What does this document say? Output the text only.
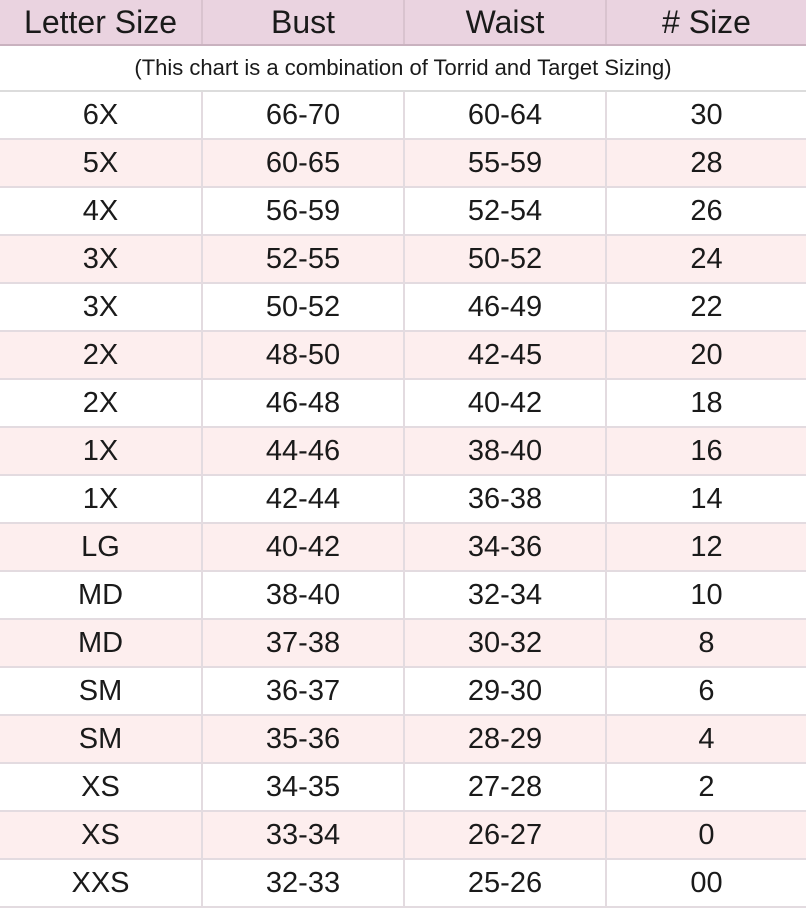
Letter Size	Bust	Waist	# Size
(This chart is a combination of Torrid and Target Sizing)			
6X	66-70	60-64	30
5X	60-65	55-59	28
4X	56-59	52-54	26
3X	52-55	50-52	24
3X	50-52	46-49	22
2X	48-50	42-45	20
2X	46-48	40-42	18
1X	44-46	38-40	16
1X	42-44	36-38	14
LG	40-42	34-36	12
MD	38-40	32-34	10
MD	37-38	30-32	8
SM	36-37	29-30	6
SM	35-36	28-29	4
XS	34-35	27-28	2
XS	33-34	26-27	0
XXS	32-33	25-26	00
